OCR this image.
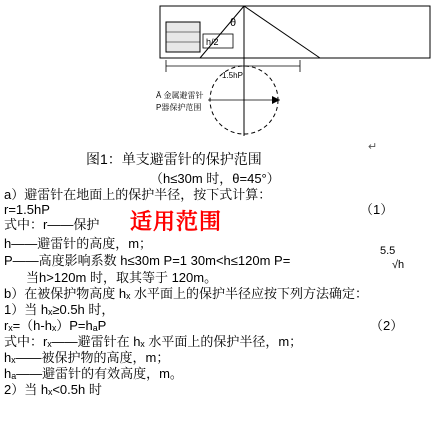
θ
h/2
1.5hP
Ā 金属避雷针
P器保护范围
图1：单支避雷针的保护范围
↵
（h≤30m 时，θ=45°）
a）避雷针在地面上的保护半径，按下式计算：
r=1.5hP	（1）
式中：r——保护 适用范围
h——避雷针的高度，m；
P——高度影响系数 h≤30m P=1 30m<h≤120m P=
5.5
√h
当h>120m 时，取其等于 120m。
b）在被保护物高度 hₓ 水平面上的保护半径应按下列方法确定：
1）当 hₓ≥0.5h 时，
rₓ=（h-hₓ）P=hₐP	（2）
式中：rₓ——避雷针在 hₓ 水平面上的保护半径，m；
hₓ——被保护物的高度，m；
hₐ——避雷针的有效高度，m。
2）当 hₓ<0.5h 时
